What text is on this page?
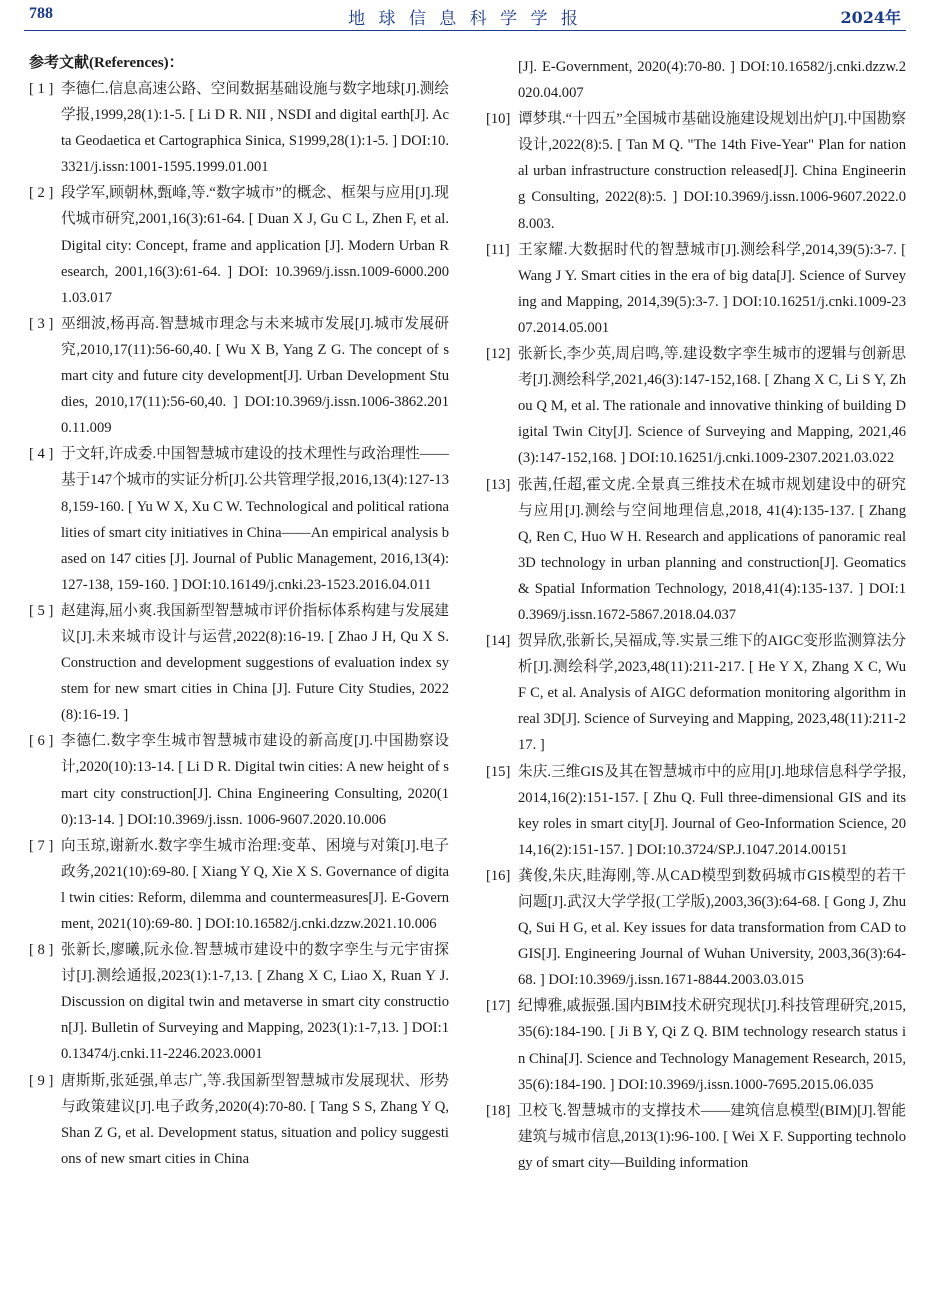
788	地 球 信 息 科 学 学 报	2024年
参考文献(References)：
[ 1 ] 李德仁.信息高速公路、空间数据基础设施与数字地球[J].测绘学报,1999,28(1):1-5. [ Li D R. NII , NSDI and digital earth[J]. Acta Geodaetica et Cartographica Sinica, S1999,28(1):1-5. ] DOI:10.3321/j.issn:1001-1595.1999.01.001
[ 2 ] 段学军,顾朝林,甄峰,等.“数字城市”的概念、框架与应用[J].现代城市研究,2001,16(3):61-64. [ Duan X J, Gu C L, Zhen F, et al. Digital city: Concept, frame and application [J]. Modern Urban Research, 2001,16(3):61-64. ] DOI: 10.3969/j.issn.1009-6000.2001.03.017
[ 3 ] 巫细波,杨再高.智慧城市理念与未来城市发展[J].城市发展研究,2010,17(11):56-60,40. [ Wu X B, Yang Z G. The concept of smart city and future city development[J]. Urban Development Studies, 2010,17(11):56-60,40. ] DOI:10.3969/j.issn.1006-3862.2010.11.009
[ 4 ] 于文轩,许成委.中国智慧城市建设的技术理性与政治理性——基于147个城市的实证分析[J].公共管理学报,2016,13(4):127-138,159-160. [ Yu W X, Xu C W. Technological and political rationalities of smart city initiatives in China——An empirical analysis based on 147 cities [J]. Journal of Public Management, 2016,13(4):127-138, 159-160. ] DOI:10.16149/j.cnki.23-1523.2016.04.011
[ 5 ] 赵建海,屈小爽.我国新型智慧城市评价指标体系构建与发展建议[J].未来城市设计与运营,2022(8):16-19. [ Zhao J H, Qu X S. Construction and development suggestions of evaluation index system for new smart cities in China [J]. Future City Studies, 2022(8):16-19. ]
[ 6 ] 李德仁.数字孪生城市智慧城市建设的新高度[J].中国勘察设计,2020(10):13-14. [ Li D R. Digital twin cities: A new height of smart city construction[J]. China Engineering Consulting, 2020(10):13-14. ] DOI:10.3969/j.issn. 1006-9607.2020.10.006
[ 7 ] 向玉琼,谢新水.数字孪生城市治理:变革、困境与对策[J].电子政务,2021(10):69-80. [ Xiang Y Q, Xie X S. Governance of digital twin cities: Reform, dilemma and countermeasures[J]. E-Government, 2021(10):69-80. ] DOI:10.16582/j.cnki.dzzw.2021.10.006
[ 8 ] 张新长,廖曦,阮永俭.智慧城市建设中的数字孪生与元宇宙探讨[J].测绘通报,2023(1):1-7,13. [ Zhang X C, Liao X, Ruan Y J. Discussion on digital twin and metaverse in smart city construction[J]. Bulletin of Surveying and Mapping, 2023(1):1-7,13. ] DOI:10.13474/j.cnki.11-2246.2023.0001
[ 9 ] 唐斯斯,张延强,单志广,等.我国新型智慧城市发展现状、形势与政策建议[J].电子政务,2020(4):70-80. [ Tang S S, Zhang Y Q, Shan Z G, et al. Development status, situation and policy suggestions of new smart cities in China
[J]. E-Government, 2020(4):70-80. ] DOI:10.16582/j.cnki.dzzw.2020.04.007
[10] 谭梦琪.“十四五”全国城市基础设施建设规划出炉[J].中国勘察设计,2022(8):5. [ Tan M Q. "The 14th Five-Year" Plan for national urban infrastructure construction released[J]. China Engineering Consulting, 2022(8):5. ] DOI:10.3969/j.issn.1006-9607.2022.08.003.
[11] 王家耀.大数据时代的智慧城市[J].测绘科学,2014,39(5):3-7. [ Wang J Y. Smart cities in the era of big data[J]. Science of Surveying and Mapping, 2014,39(5):3-7. ] DOI:10.16251/j.cnki.1009-2307.2014.05.001
[12] 张新长,李少英,周启鸣,等.建设数字孪生城市的逻辑与创新思考[J].测绘科学,2021,46(3):147-152,168. [ Zhang X C, Li S Y, Zhou Q M, et al. The rationale and innovative thinking of building Digital Twin City[J]. Science of Surveying and Mapping, 2021,46(3):147-152,168. ] DOI:10.16251/j.cnki.1009-2307.2021.03.022
[13] 张茜,任超,霍文虎.全景真三维技术在城市规划建设中的研究与应用[J].测绘与空间地理信息,2018, 41(4):135-137. [ Zhang Q, Ren C, Huo W H. Research and applications of panoramic real 3D technology in urban planning and construction[J]. Geomatics & Spatial Information Technology, 2018,41(4):135-137. ] DOI:10.3969/j.issn.1672-5867.2018.04.037
[14] 贺异欣,张新长,吴福成,等.实景三维下的AIGC变形监测算法分析[J].测绘科学,2023,48(11):211-217. [ He Y X, Zhang X C, Wu F C, et al. Analysis of AIGC deformation monitoring algorithm in real 3D[J]. Science of Surveying and Mapping, 2023,48(11):211-217. ]
[15] 朱庆.三维GIS及其在智慧城市中的应用[J].地球信息科学学报,2014,16(2):151-157. [ Zhu Q. Full three-dimensional GIS and its key roles in smart city[J]. Journal of Geo-Information Science, 2014,16(2):151-157. ] DOI:10.3724/SP.J.1047.2014.00151
[16] 龚俊,朱庆,眭海刚,等.从CAD模型到数码城市GIS模型的若干问题[J].武汉大学学报(工学版),2003,36(3):64-68. [ Gong J, Zhu Q, Sui H G, et al. Key issues for data transformation from CAD to GIS[J]. Engineering Journal of Wuhan University, 2003,36(3):64-68. ] DOI:10.3969/j.issn.1671-8844.2003.03.015
[17] 纪博雅,戚振强.国内BIM技术研究现状[J].科技管理研究,2015,35(6):184-190. [ Ji B Y, Qi Z Q. BIM technology research status in China[J]. Science and Technology Management Research, 2015,35(6):184-190. ] DOI:10.3969/j.issn.1000-7695.2015.06.035
[18] 卫校飞.智慧城市的支撑技术——建筑信息模型(BIM)[J].智能建筑与城市信息,2013(1):96-100. [ Wei X F. Supporting technology of smart city—Building information
